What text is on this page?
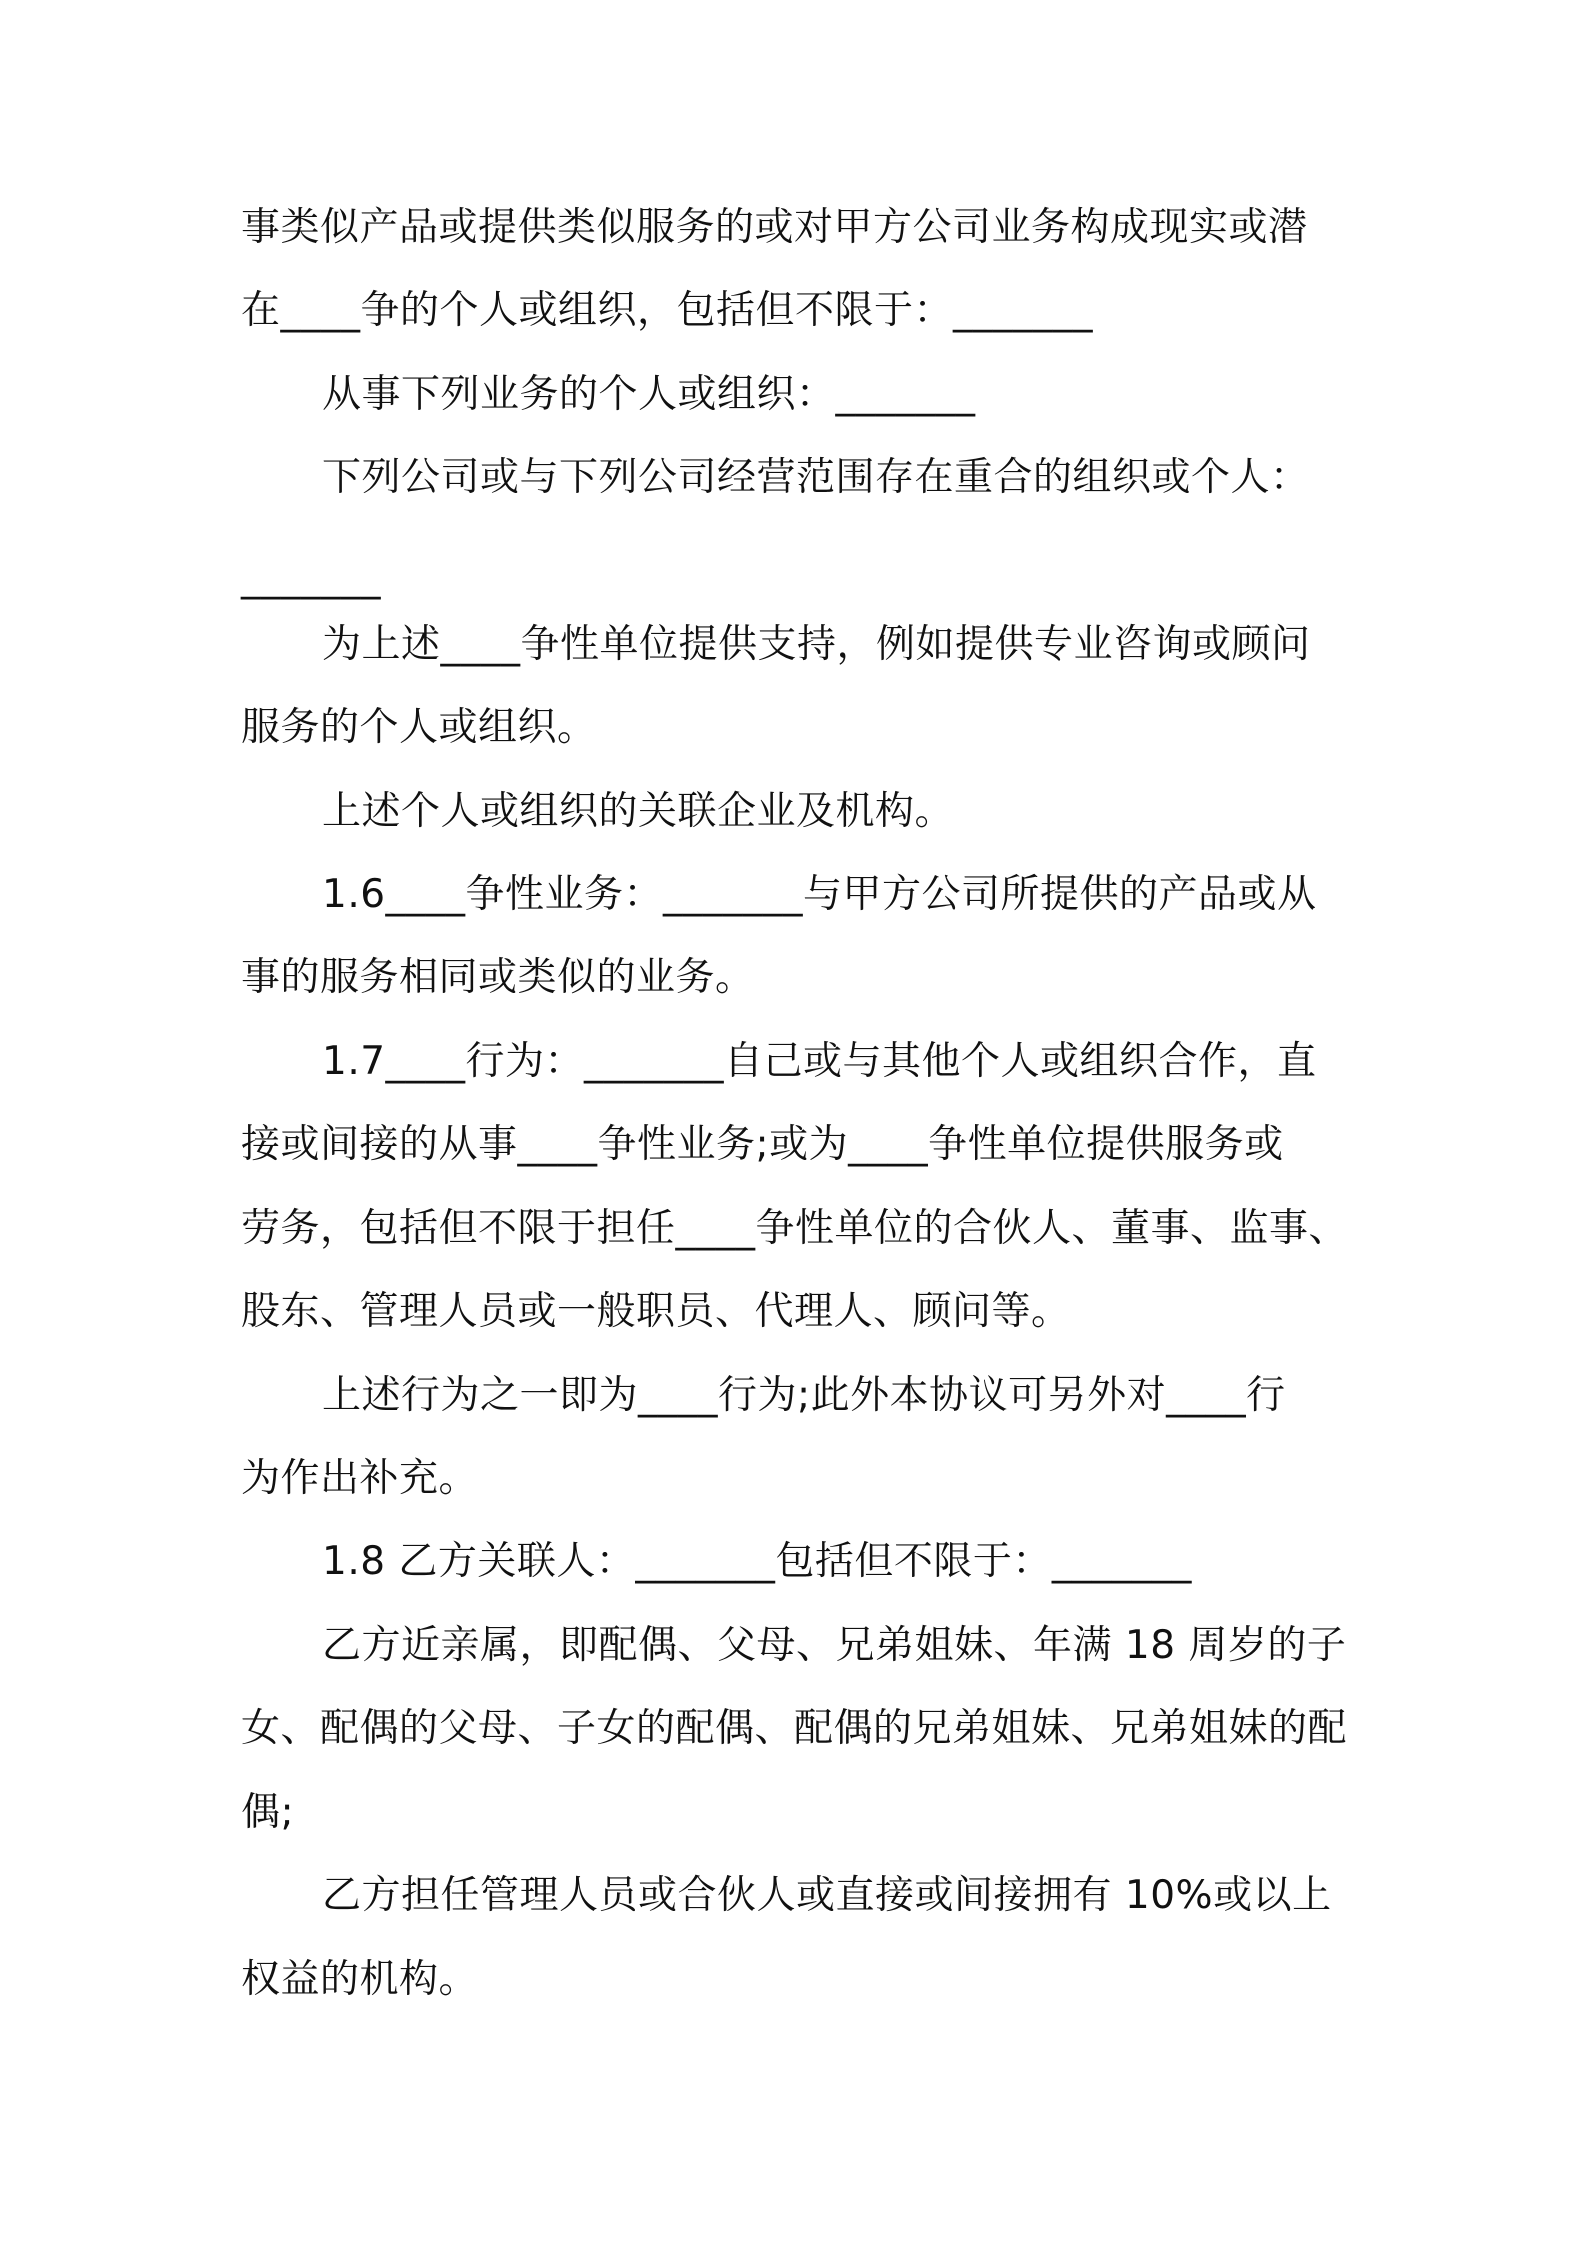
事类似产品或提供类似服务的或对甲方公司业务构成现实或潜
在____争的个人或组织，包括但不限于：_______
从事下列业务的个人或组织：_______
下列公司或与下列公司经营范围存在重合的组织或个人：
_______
为上述____争性单位提供支持，例如提供专业咨询或顾问
服务的个人或组织。
上述个人或组织的关联企业及机构。
1.6____争性业务：_______与甲方公司所提供的产品或从
事的服务相同或类似的业务。
1.7____行为：_______自己或与其他个人或组织合作，直
接或间接的从事____争性业务;或为____争性单位提供服务或
劳务，包括但不限于担任____争性单位的合伙人、董事、监事、
股东、管理人员或一般职员、代理人、顾问等。
上述行为之一即为____行为;此外本协议可另外对____行
为作出补充。
1.8 乙方关联人：_______包括但不限于：_______
乙方近亲属，即配偶、父母、兄弟姐妹、年满 18 周岁的子
女、配偶的父母、子女的配偶、配偶的兄弟姐妹、兄弟姐妹的配
偶;
乙方担任管理人员或合伙人或直接或间接拥有 10%或以上
权益的机构。
